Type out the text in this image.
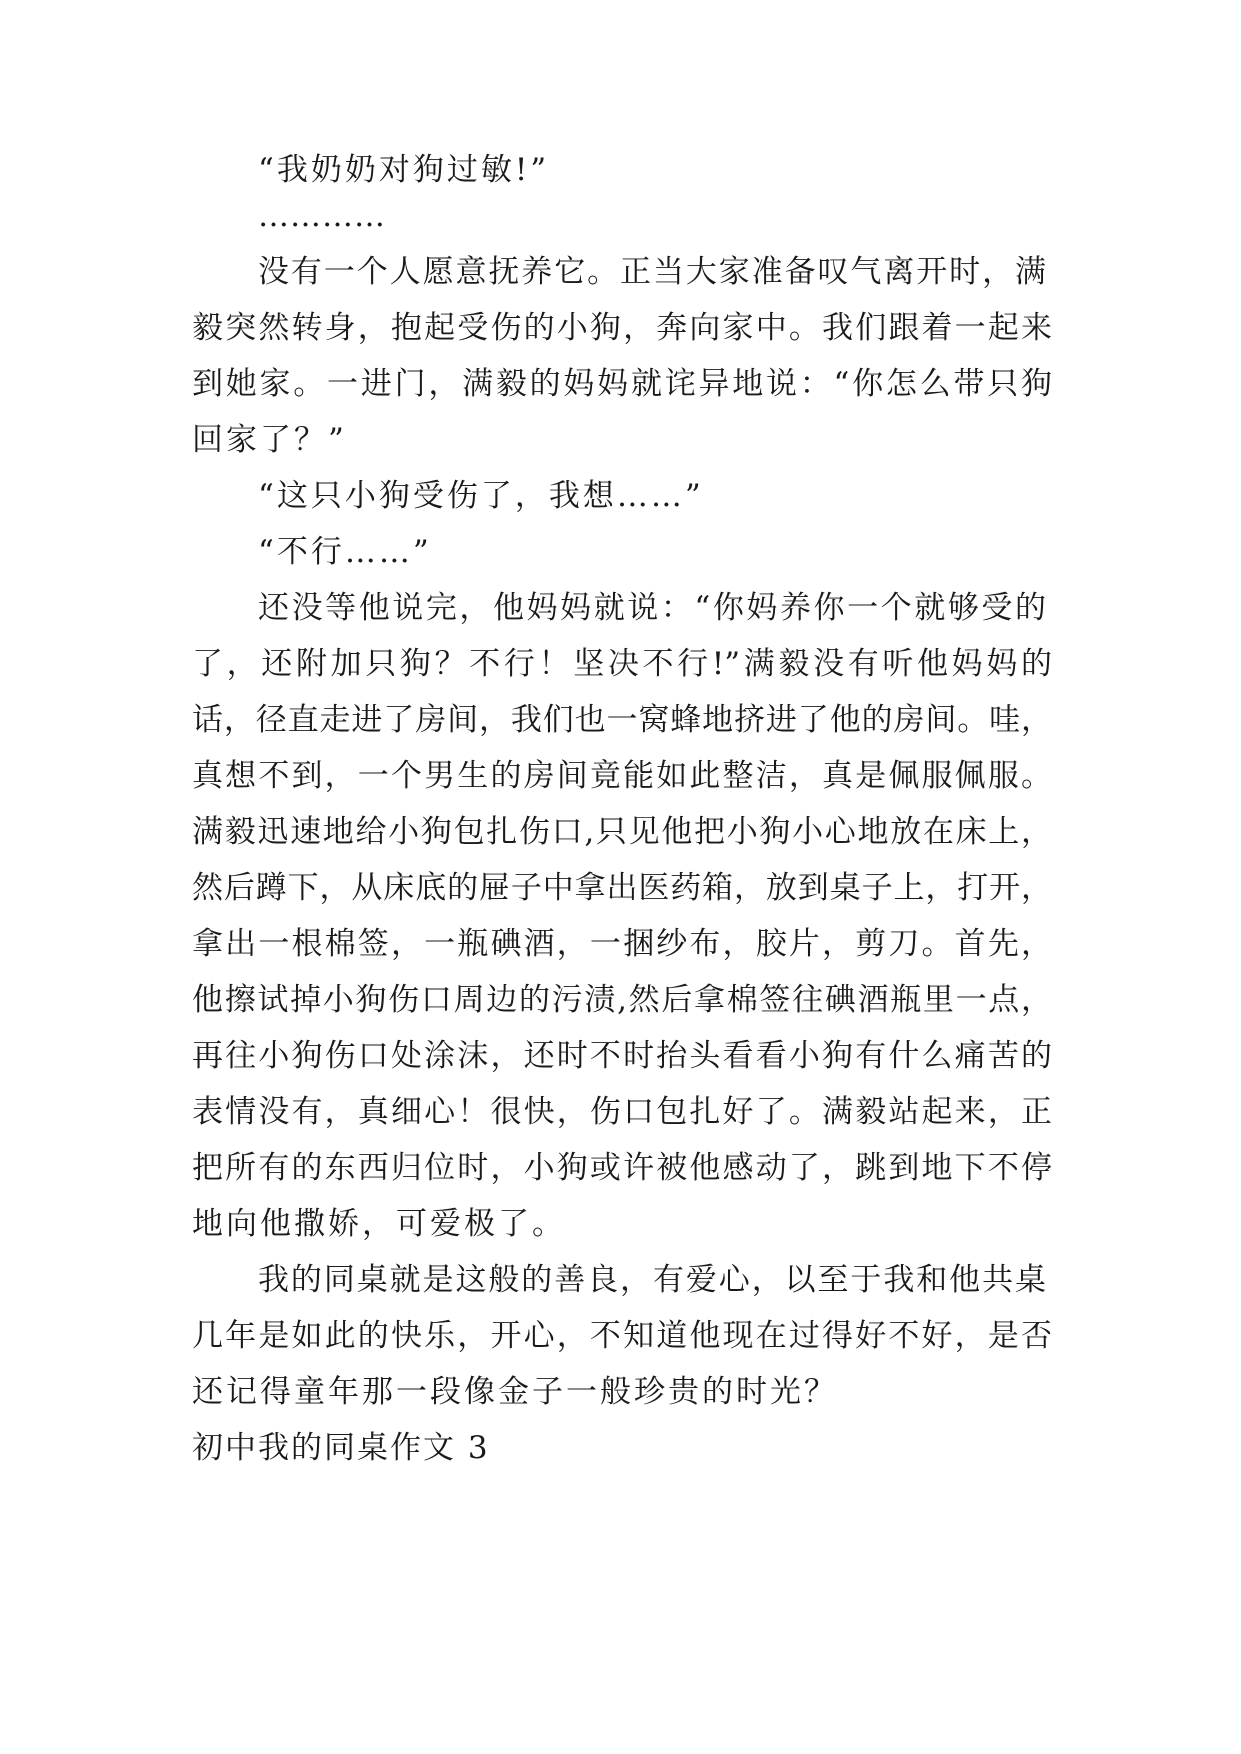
“我奶奶对狗过敏!”
…………
没有一个人愿意抚养它。正当大家准备叹气离开时，满
毅突然转身，抱起受伤的小狗，奔向家中。我们跟着一起来
到她家。一进门，满毅的妈妈就诧异地说：“你怎么带只狗
回家了？”
“这只小狗受伤了，我想……”
“不行……”
还没等他说完，他妈妈就说：“你妈养你一个就够受的
了，还附加只狗？不行！坚决不行!”满毅没有听他妈妈的
话，径直走进了房间，我们也一窝蜂地挤进了他的房间。哇，
真想不到，一个男生的房间竟能如此整洁，真是佩服佩服。
满毅迅速地给小狗包扎伤口,只见他把小狗小心地放在床上，
然后蹲下，从床底的屉子中拿出医药箱，放到桌子上，打开，
拿出一根棉签，一瓶碘酒，一捆纱布，胶片，剪刀。首先，
他擦试掉小狗伤口周边的污渍,然后拿棉签往碘酒瓶里一点，
再往小狗伤口处涂沫，还时不时抬头看看小狗有什么痛苦的
表情没有，真细心！很快，伤口包扎好了。满毅站起来，正
把所有的东西归位时，小狗或许被他感动了，跳到地下不停
地向他撒娇，可爱极了。
我的同桌就是这般的善良，有爱心，以至于我和他共桌
几年是如此的快乐，开心，不知道他现在过得好不好，是否
还记得童年那一段像金子一般珍贵的时光？
初中我的同桌作文 3
